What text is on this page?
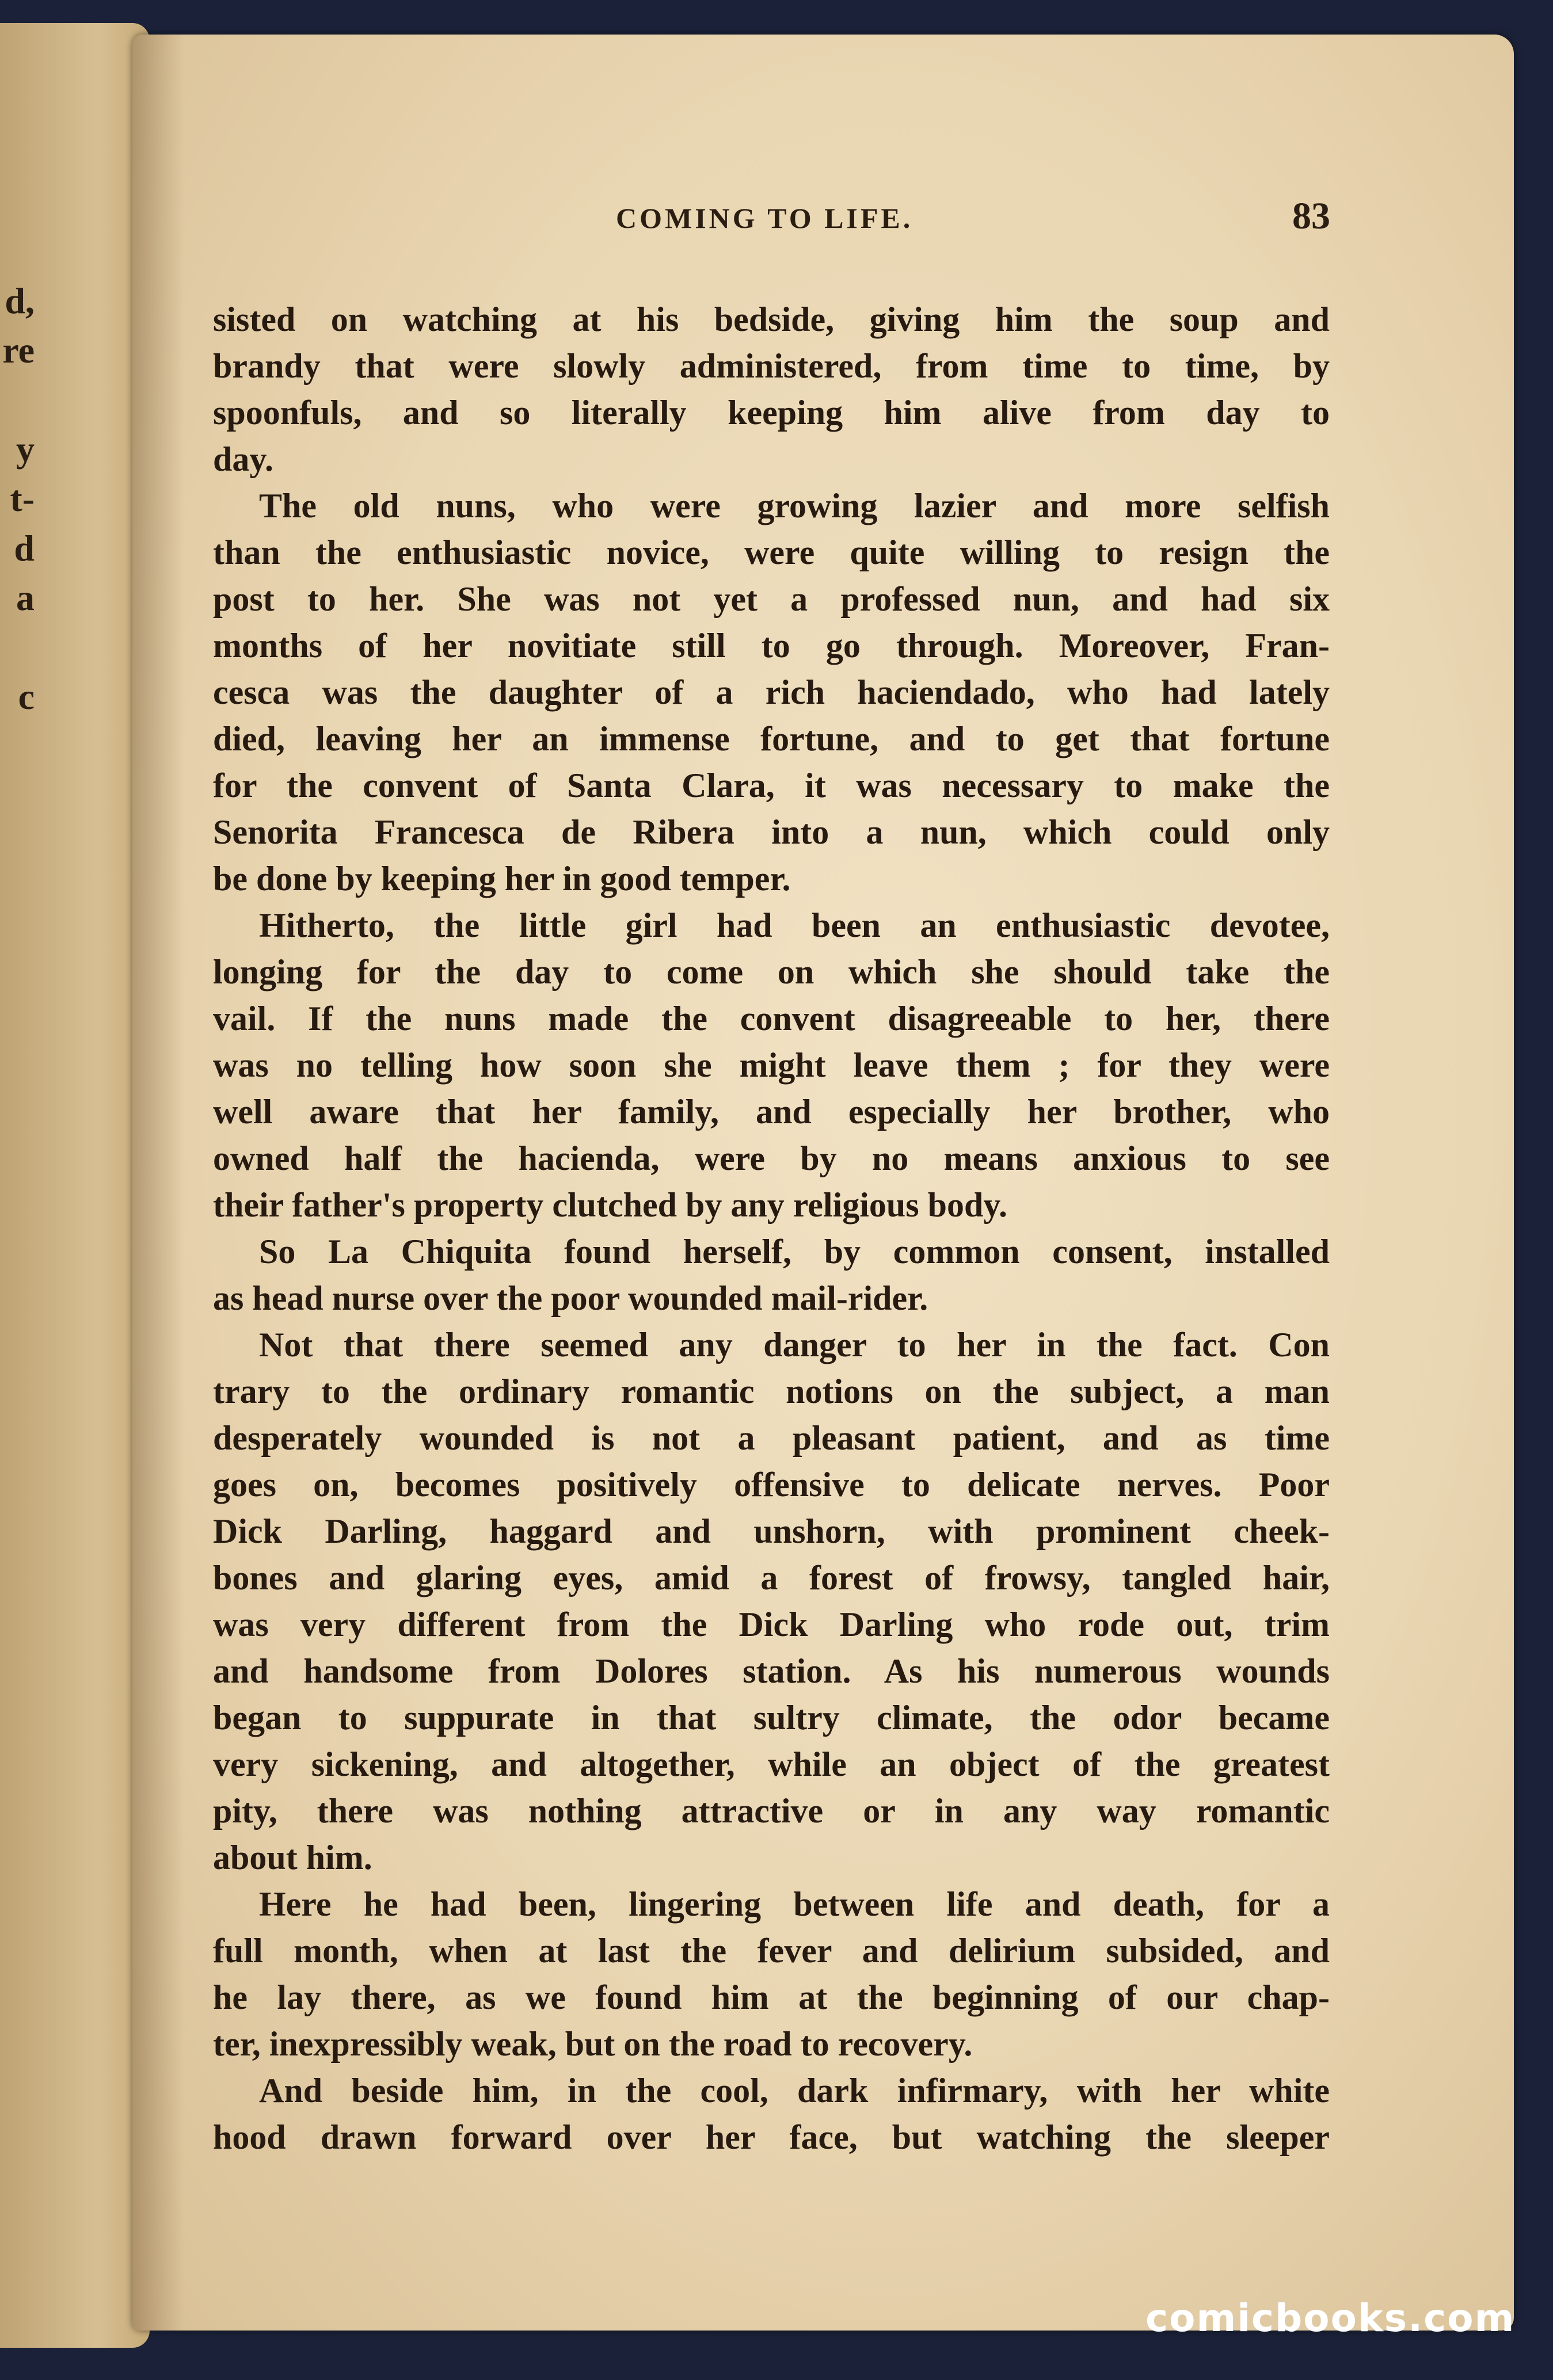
d,
re
y
t-
d
a
c
COMING TO LIFE.	83
sisted on watching at his bedside, giving him the soup and
brandy that were slowly administered, from time to time, by
spoonfuls, and so literally keeping him alive from day to
day.
The old nuns, who were growing lazier and more selfish
than the enthusiastic novice, were quite willing to resign the
post to her. She was not yet a professed nun, and had six
months of her novitiate still to go through. Moreover, Fran-
cesca was the daughter of a rich haciendado, who had lately
died, leaving her an immense fortune, and to get that fortune
for the convent of Santa Clara, it was necessary to make the
Senorita Francesca de Ribera into a nun, which could only
be done by keeping her in good temper.
Hitherto, the little girl had been an enthusiastic devotee,
longing for the day to come on which she should take the
vail. If the nuns made the convent disagreeable to her, there
was no telling how soon she might leave them ; for they were
well aware that her family, and especially her brother, who
owned half the hacienda, were by no means anxious to see
their father's property clutched by any religious body.
So La Chiquita found herself, by common consent, installed
as head nurse over the poor wounded mail-rider.
Not that there seemed any danger to her in the fact. Con
trary to the ordinary romantic notions on the subject, a man
desperately wounded is not a pleasant patient, and as time
goes on, becomes positively offensive to delicate nerves. Poor
Dick Darling, haggard and unshorn, with prominent cheek-
bones and glaring eyes, amid a forest of frowsy, tangled hair,
was very different from the Dick Darling who rode out, trim
and handsome from Dolores station. As his numerous wounds
began to suppurate in that sultry climate, the odor became
very sickening, and altogether, while an object of the greatest
pity, there was nothing attractive or in any way romantic
about him.
Here he had been, lingering between life and death, for a
full month, when at last the fever and delirium subsided, and
he lay there, as we found him at the beginning of our chap-
ter, inexpressibly weak, but on the road to recovery.
And beside him, in the cool, dark infirmary, with her white
hood drawn forward over her face, but watching the sleeper
comicbooks.com
